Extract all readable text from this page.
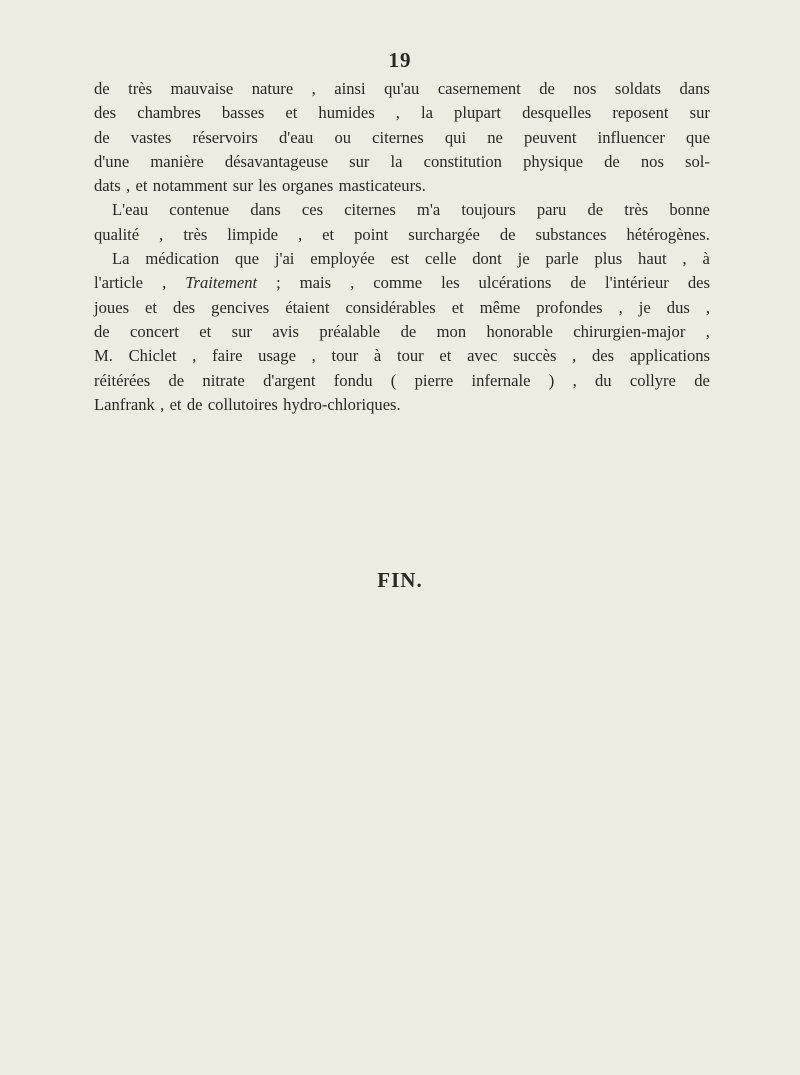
19
de très mauvaise nature , ainsi qu'au casernement de nos soldats dans
des chambres basses et humides , la plupart desquelles reposent sur
de vastes réservoirs d'eau ou citernes qui ne peuvent influencer que
d'une manière désavantageuse sur la constitution physique de nos sol-
dats , et notamment sur les organes masticateurs.
L'eau contenue dans ces citernes m'a toujours paru de très bonne
qualité , très limpide , et point surchargée de substances hétérogènes.
La médication que j'ai employée est celle dont je parle plus haut , à
l'article , Traitement ; mais , comme les ulcérations de l'intérieur des
joues et des gencives étaient considérables et même profondes , je dus ,
de concert et sur avis préalable de mon honorable chirurgien-major ,
M. Chiclet , faire usage , tour à tour et avec succès , des applications
réitérées de nitrate d'argent fondu ( pierre infernale ) , du collyre de
Lanfrank , et de collutoires hydro-chloriques.
FIN.
